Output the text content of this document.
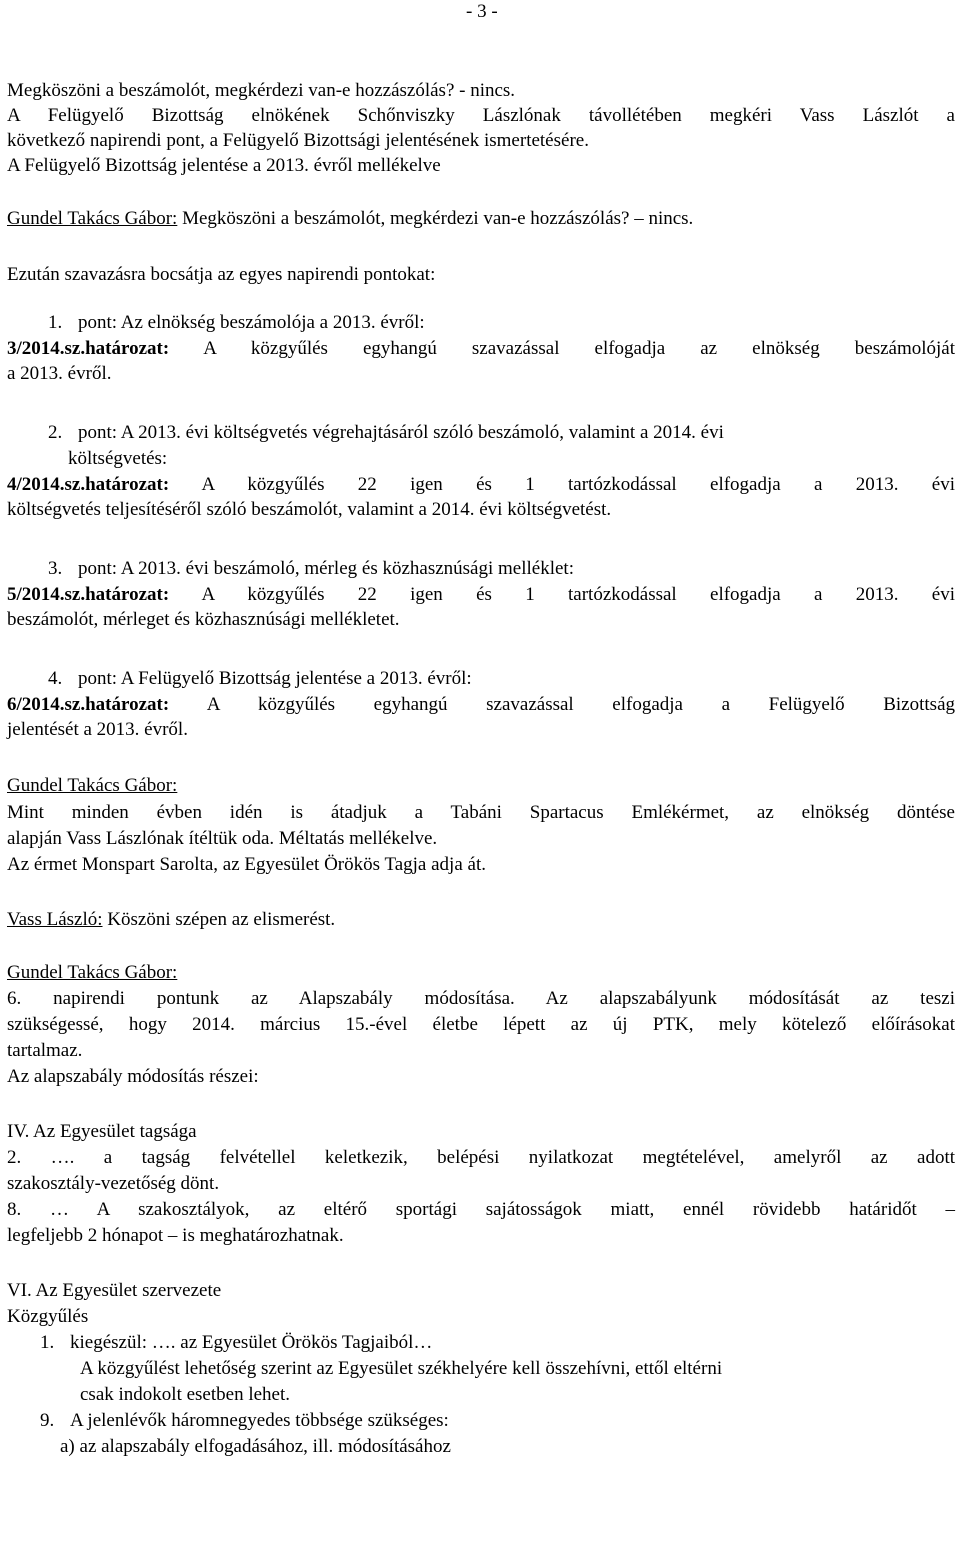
- 3 -
Megköszöni a beszámolót, megkérdezi van-e hozzászólás? - nincs.
A Felügyelő Bizottság elnökének Schőnviszky Lászlónak távollétében megkéri Vass Lászlót a
következő napirendi pont, a Felügyelő Bizottsági jelentésének ismertetésére.
A Felügyelő Bizottság jelentése a 2013. évről mellékelve
Gundel Takács Gábor: Megköszöni a beszámolót, megkérdezi van-e hozzászólás? – nincs.
Ezután szavazásra bocsátja az egyes napirendi pontokat:
1. pont: Az elnökség beszámolója a 2013. évről:
3/2014.sz.határozat: A közgyűlés egyhangú szavazással elfogadja az elnökség beszámolóját
a 2013. évről.
2. pont: A 2013. évi költségvetés végrehajtásáról szóló beszámoló, valamint a 2014. évi
költségvetés:
4/2014.sz.határozat: A közgyűlés 22 igen és 1 tartózkodással elfogadja a 2013. évi
költségvetés teljesítéséről szóló beszámolót, valamint a 2014. évi költségvetést.
3. pont: A 2013. évi beszámoló, mérleg és közhasznúsági melléklet:
5/2014.sz.határozat: A közgyűlés 22 igen és 1 tartózkodással elfogadja a 2013. évi
beszámolót, mérleget és közhasznúsági mellékletet.
4. pont: A Felügyelő Bizottság jelentése a 2013. évről:
6/2014.sz.határozat: A közgyűlés egyhangú szavazással elfogadja a Felügyelő Bizottság
jelentését a 2013. évről.
Gundel Takács Gábor:
Mint minden évben idén is átadjuk a Tabáni Spartacus Emlékérmet, az elnökség döntése
alapján Vass Lászlónak ítéltük oda. Méltatás mellékelve.
Az érmet Monspart Sarolta, az Egyesület Örökös Tagja adja át.
Vass László: Köszöni szépen az elismerést.
Gundel Takács Gábor:
6. napirendi pontunk az Alapszabály módosítása. Az alapszabályunk módosítását az teszi
szükségessé, hogy 2014. március 15.-ével életbe lépett az új PTK, mely kötelező előírásokat
tartalmaz.
Az alapszabály módosítás részei:
IV. Az Egyesület tagsága
2. …. a tagság felvétellel keletkezik, belépési nyilatkozat megtételével, amelyről az adott
szakosztály-vezetőség dönt.
8. … A szakosztályok, az eltérő sportági sajátosságok miatt, ennél rövidebb határidőt –
legfeljebb 2 hónapot – is meghatározhatnak.
VI. Az Egyesület szervezete
Közgyűlés
1. kiegészül: …. az Egyesület Örökös Tagjaiból…
A közgyűlést lehetőség szerint az Egyesület székhelyére kell összehívni, ettől eltérni
csak indokolt esetben lehet.
9. A jelenlévők háromnegyedes többsége szükséges:
a) az alapszabály elfogadásához, ill. módosításához
